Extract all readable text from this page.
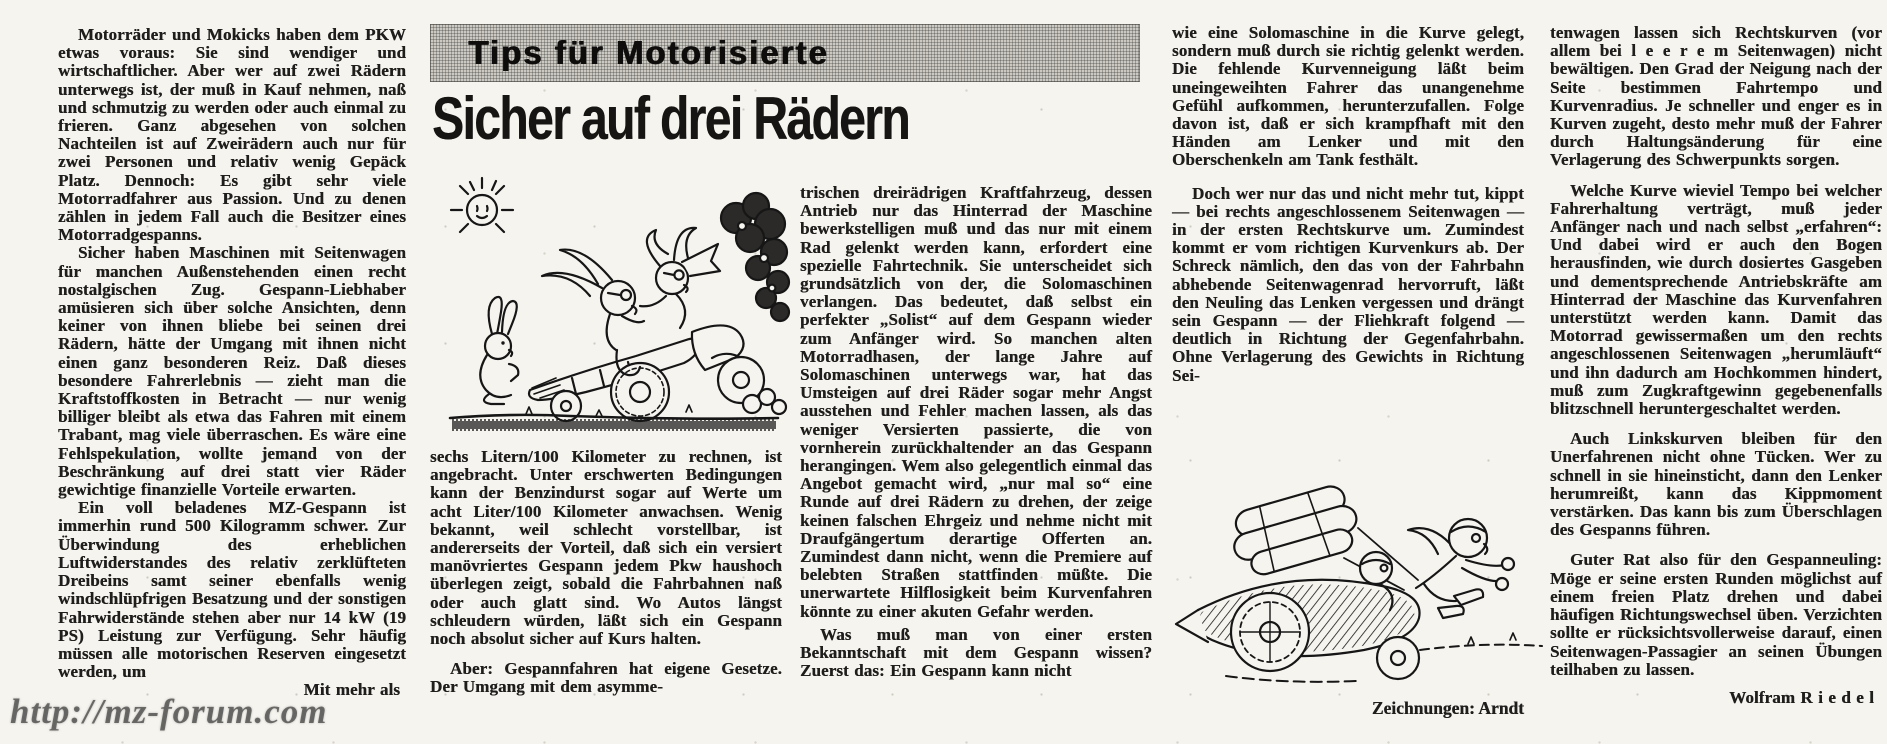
Motorräder und Mokicks haben dem PKW etwas voraus: Sie sind wendiger und wirtschaftlicher. Aber wer auf zwei Rädern unterwegs ist, der muß in Kauf nehmen, naß und schmutzig zu werden oder auch einmal zu frieren. Ganz abgesehen von solchen Nachteilen ist auf Zweirädern auch nur für zwei Personen und relativ wenig Gepäck Platz. Dennoch: Es gibt sehr viele Motorradfahrer aus Passion. Und zu denen zählen in jedem Fall auch die Besitzer eines Motorradgespanns.

Sicher haben Maschinen mit Seitenwagen für manchen Außenstehenden einen recht nostalgischen Zug. Gespann-Liebhaber amüsieren sich über solche Ansichten, denn keiner von ihnen bliebe bei seinen drei Rädern, hätte der Umgang mit ihnen nicht einen ganz besonderen Reiz. Daß dieses besondere Fahrerlebnis — zieht man die Kraftstoffkosten in Betracht — nur wenig billiger bleibt als etwa das Fahren mit einem Trabant, mag viele überraschen. Es wäre eine Fehlspekulation, wollte jemand von der Beschränkung auf drei statt vier Räder gewichtige finanzielle Vorteile erwarten.

Ein voll beladenes MZ-Gespann ist immerhin rund 500 Kilogramm schwer. Zur Überwindung des erheblichen Luftwiderstandes des relativ zerklüfteten Dreibeins samt seiner ebenfalls wenig windschlüpfrigen Besatzung und der sonstigen Fahrwiderstände stehen aber nur 14 kW (19 PS) Leistung zur Verfügung. Sehr häufig müssen alle motorischen Reserven eingesetzt werden, um

Mit mehr als
Tips für Motorisierte
Sicher auf drei Rädern

sechs Litern/100 Kilometer zu rechnen, ist angebracht. Unter erschwerten Bedingungen kann der Benzindurst sogar auf Werte um acht Liter/100 Kilometer anwachsen. Wenig bekannt, weil schlecht vorstellbar, ist andererseits der Vorteil, daß sich ein versiert manövriertes Gespann jedem Pkw haushoch überlegen zeigt, sobald die Fahrbahnen naß oder auch glatt sind. Wo Autos längst schleudern würden, läßt sich ein Gespann noch absolut sicher auf Kurs halten.

Aber: Gespannfahren hat eigene Gesetze. Der Umgang mit dem asymme-

trischen dreirädrigen Kraftfahrzeug, dessen Antrieb nur das Hinterrad der Maschine bewerkstelligen muß und das nur mit einem Rad gelenkt werden kann, erfordert eine spezielle Fahrtechnik. Sie unterscheidet sich grundsätzlich von der, die Solomaschinen verlangen. Das bedeutet, daß selbst ein perfekter „Solist“ auf dem Gespann wieder zum Anfänger wird. So manchen alten Motorradhasen, der lange Jahre auf Solomaschinen unterwegs war, hat das Umsteigen auf drei Räder sogar mehr Angst ausstehen und Fehler machen lassen, als das weniger Versierten passierte, die von vornherein zurückhaltender an das Gespann herangingen. Wem also gelegentlich einmal das Angebot gemacht wird, „nur mal so“ eine Runde auf drei Rädern zu drehen, der zeige keinen falschen Ehrgeiz und nehme nicht mit Draufgängertum derartige Offerten an. Zumindest dann nicht, wenn die Premiere auf belebten Straßen stattfinden müßte. Die unerwartete Hilflosigkeit beim Kurvenfahren könnte zu einer akuten Gefahr werden.

Was muß man von einer ersten Bekanntschaft mit dem Gespann wissen? Zuerst das: Ein Gespann kann nicht

wie eine Solomaschine in die Kurve gelegt, sondern muß durch sie richtig gelenkt werden. Die fehlende Kurvenneigung läßt beim uneingeweihten Fahrer das unangenehme Gefühl aufkommen, herunterzufallen. Folge davon ist, daß er sich krampfhaft mit den Händen am Lenker und mit den Oberschenkeln am Tank festhält.

Doch wer nur das und nicht mehr tut, kippt — bei rechts angeschlossenem Seitenwagen — in der ersten Rechtskurve um. Zumindest kommt er vom richtigen Kurvenkurs ab. Der Schreck nämlich, den das von der Fahrbahn abhebende Seitenwagenrad hervorruft, läßt den Neuling das Lenken vergessen und drängt sein Gespann — der Fliehkraft folgend — deutlich in Richtung der Gegenfahrbahn. Ohne Verlagerung des Gewichts in Richtung Sei-

Zeichnungen: Arndt

tenwagen lassen sich Rechtskurven (vor allem bei l e e r e m Seitenwagen) nicht bewältigen. Den Grad der Neigung nach der Seite bestimmen Fahrtempo und Kurvenradius. Je schneller und enger es in Kurven zugeht, desto mehr muß der Fahrer durch Haltungsänderung für eine Verlagerung des Schwerpunkts sorgen.

Welche Kurve wieviel Tempo bei welcher Fahrerhaltung verträgt, muß jeder Anfänger nach und nach selbst „erfahren“: Und dabei wird er auch den Bogen herausfinden, wie durch dosiertes Gasgeben und dementsprechende Antriebskräfte am Hinterrad der Maschine das Kurvenfahren unterstützt werden kann. Damit das Motorrad gewissermaßen um den rechts angeschlossenen Seitenwagen „herumläuft“ und ihn dadurch am Hochkommen hindert, muß zum Zugkraftgewinn gegebenenfalls blitzschnell heruntergeschaltet werden.

Auch Linkskurven bleiben für den Unerfahrenen nicht ohne Tücken. Wer zu schnell in sie hineinsticht, dann den Lenker herumreißt, kann das Kippmoment verstärken. Das kann bis zum Überschlagen des Gespanns führen.

Guter Rat also für den Gespanneuling: Möge er seine ersten Runden möglichst auf einem freien Platz drehen und dabei häufigen Richtungswechsel üben. Verzichten sollte er rücksichtsvollerweise darauf, einen Seitenwagen-Passagier an seinen Übungen teilhaben zu lassen.

Wolfram R i e d e l
http://mz-forum.com
